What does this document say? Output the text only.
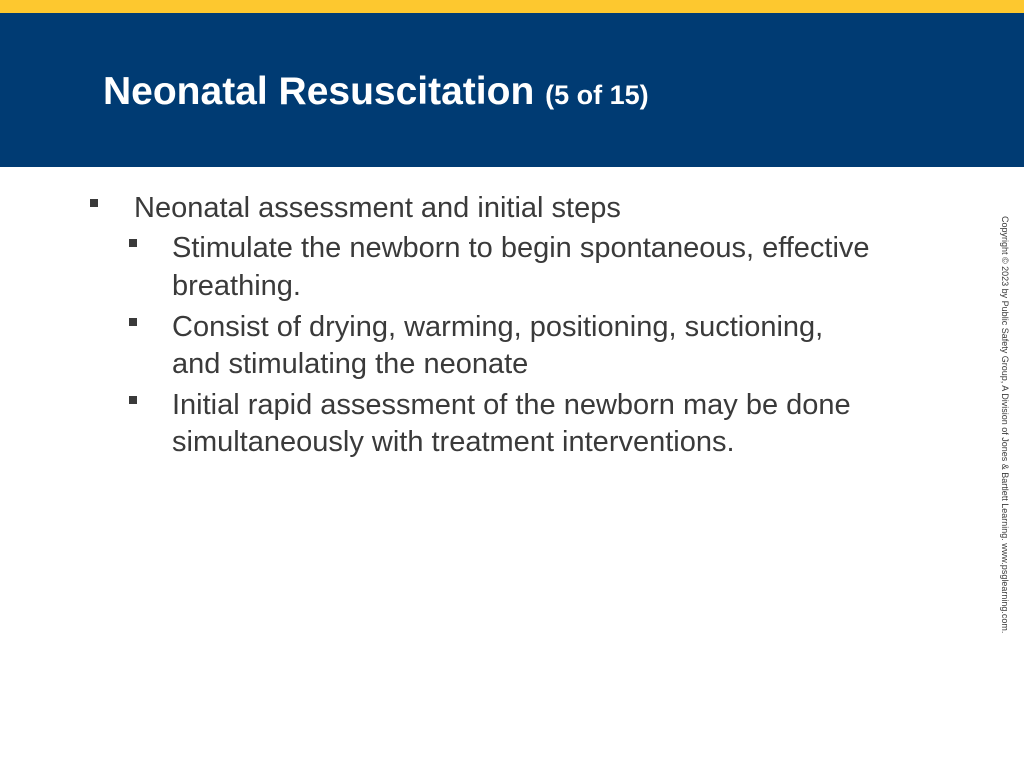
Neonatal Resuscitation (5 of 15)

Neonatal assessment and initial steps

Stimulate the newborn to begin spontaneous, effective

breathing.

Consist of drying, warming, positioning, suctioning,

and stimulating the neonate

Initial rapid assessment of the newborn may be done

simultaneously with treatment interventions.	Copyright © 2023 by Public Safety Group, A Division of Jones & Bartlett Learning. www.psglearning.com.
